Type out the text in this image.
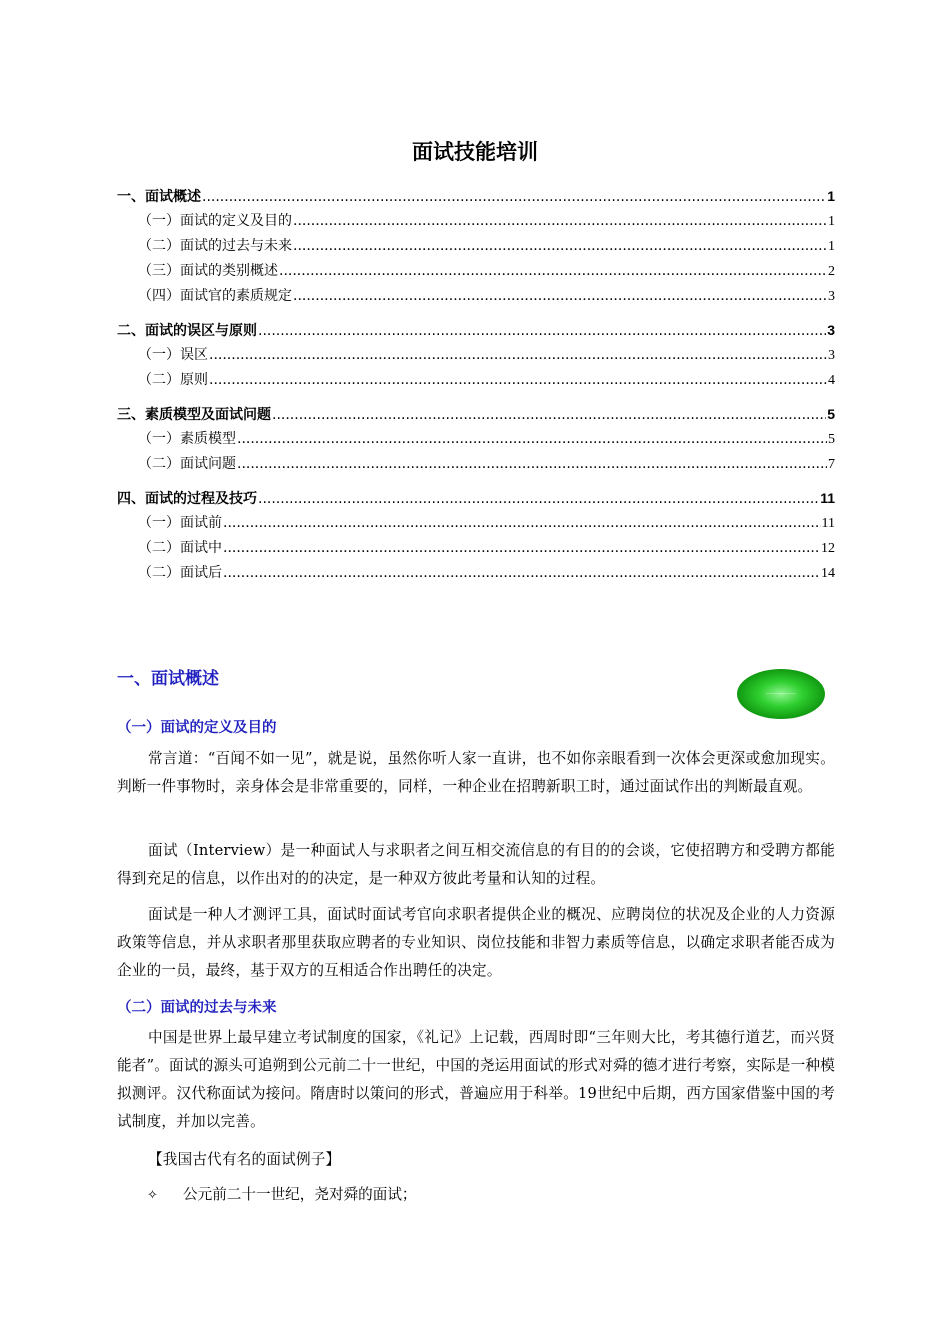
面试技能培训
一、面试概述 .....	1
（一）面试的定义及目的 .....	1
（二）面试的过去与未来 .....	1
（三）面试的类别概述 .....	2
（四）面试官的素质规定 .....	3
二、面试的误区与原则 .....	3
（一）误区 .....	3
（二）原则 .....	4
三、素质模型及面试问题 .....	5
（一）素质模型 .....	5
（二）面试问题 .....	7
四、面试的过程及技巧 .....	11
（一）面试前 .....	11
（二）面试中 .....	12
（二）面试后 .....	14
一、面试概述
（一）面试的定义及目的
常言道：“百闻不如一见”，就是说，虽然你听人家一直讲，也不如你亲眼看到一次体会更深或愈加现实。判断一件事物时，亲身体会是非常重要的，同样，一种企业在招聘新职工时，通过面试作出的判断最直观。
面试（Interview）是一种面试人与求职者之间互相交流信息的有目的的会谈，它使招聘方和受聘方都能得到充足的信息，以作出对的的决定，是一种双方彼此考量和认知的过程。
面试是一种人才测评工具，面试时面试考官向求职者提供企业的概况、应聘岗位的状况及企业的人力资源政策等信息，并从求职者那里获取应聘者的专业知识、岗位技能和非智力素质等信息，以确定求职者能否成为企业的一员，最终，基于双方的互相适合作出聘任的决定。
（二）面试的过去与未来
中国是世界上最早建立考试制度的国家，《礼记》上记载，西周时即“三年则大比，考其德行道艺，而兴贤能者”。面试的源头可追朔到公元前二十一世纪，中国的尧运用面试的形式对舜的德才进行考察，实际是一种模拟测评。汉代称面试为接问。隋唐时以策问的形式，普遍应用于科举。19世纪中后期，西方国家借鉴中国的考试制度，并加以完善。
【我国古代有名的面试例子】
✧	公元前二十一世纪，尧对舜的面试；
